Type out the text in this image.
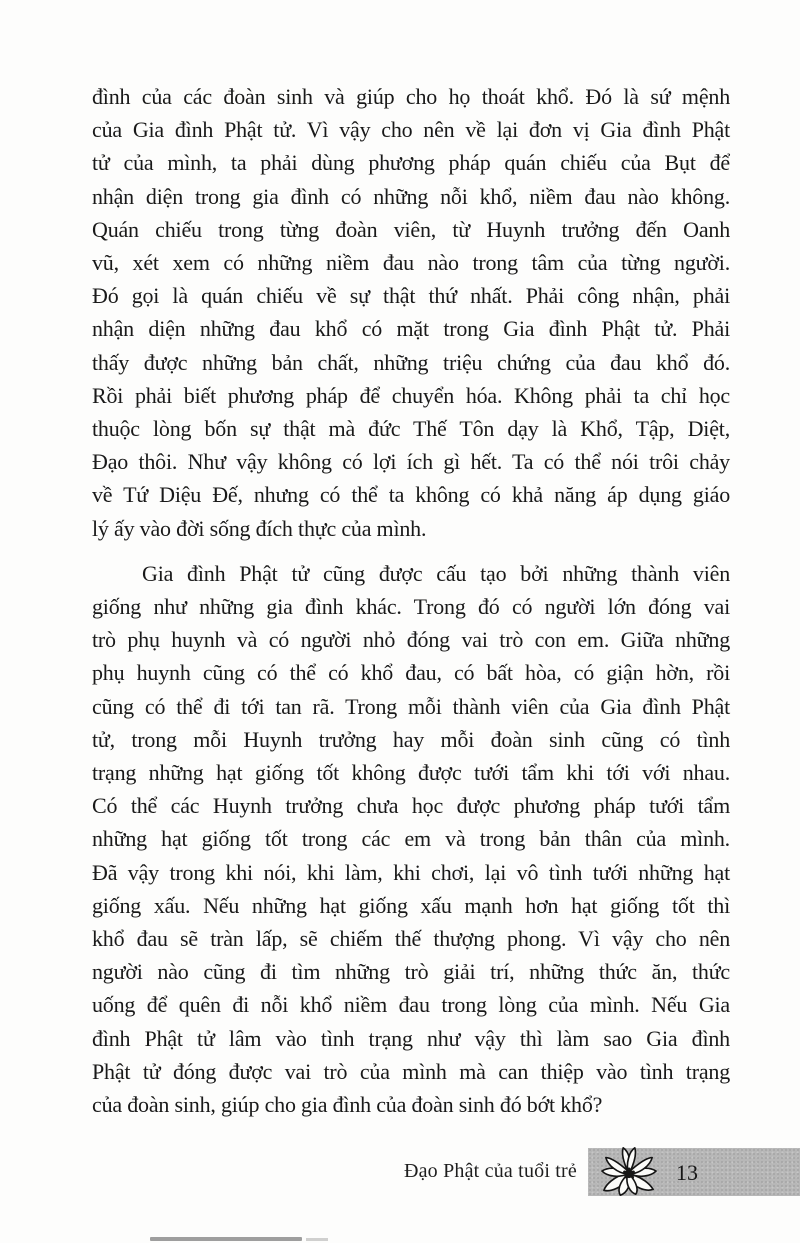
đình của các đoàn sinh và giúp cho họ thoát khổ. Đó là sứ mệnh
của Gia đình Phật tử. Vì vậy cho nên về lại đơn vị Gia đình Phật
tử của mình, ta phải dùng phương pháp quán chiếu của Bụt để
nhận diện trong gia đình có những nỗi khổ, niềm đau nào không.
Quán chiếu trong từng đoàn viên, từ Huynh trưởng đến Oanh
vũ, xét xem có những niềm đau nào trong tâm của từng người.
Đó gọi là quán chiếu về sự thật thứ nhất. Phải công nhận, phải
nhận diện những đau khổ có mặt trong Gia đình Phật tử. Phải
thấy được những bản chất, những triệu chứng của đau khổ đó.
Rồi phải biết phương pháp để chuyển hóa. Không phải ta chỉ học
thuộc lòng bốn sự thật mà đức Thế Tôn dạy là Khổ, Tập, Diệt,
Đạo thôi. Như vậy không có lợi ích gì hết. Ta có thể nói trôi chảy
về Tứ Diệu Đế, nhưng có thể ta không có khả năng áp dụng giáo
lý ấy vào đời sống đích thực của mình.
Gia đình Phật tử cũng được cấu tạo bởi những thành viên
giống như những gia đình khác. Trong đó có người lớn đóng vai
trò phụ huynh và có người nhỏ đóng vai trò con em. Giữa những
phụ huynh cũng có thể có khổ đau, có bất hòa, có giận hờn, rồi
cũng có thể đi tới tan rã. Trong mỗi thành viên của Gia đình Phật
tử, trong mỗi Huynh trưởng hay mỗi đoàn sinh cũng có tình
trạng những hạt giống tốt không được tưới tẩm khi tới với nhau.
Có thể các Huynh trưởng chưa học được phương pháp tưới tẩm
những hạt giống tốt trong các em và trong bản thân của mình.
Đã vậy trong khi nói, khi làm, khi chơi, lại vô tình tưới những hạt
giống xấu. Nếu những hạt giống xấu mạnh hơn hạt giống tốt thì
khổ đau sẽ tràn lấp, sẽ chiếm thế thượng phong. Vì vậy cho nên
người nào cũng đi tìm những trò giải trí, những thức ăn, thức
uống để quên đi nỗi khổ niềm đau trong lòng của mình. Nếu Gia
đình Phật tử lâm vào tình trạng như vậy thì làm sao Gia đình
Phật tử đóng được vai trò của mình mà can thiệp vào tình trạng
của đoàn sinh, giúp cho gia đình của đoàn sinh đó bớt khổ?
Đạo Phật của tuổi trẻ	13
